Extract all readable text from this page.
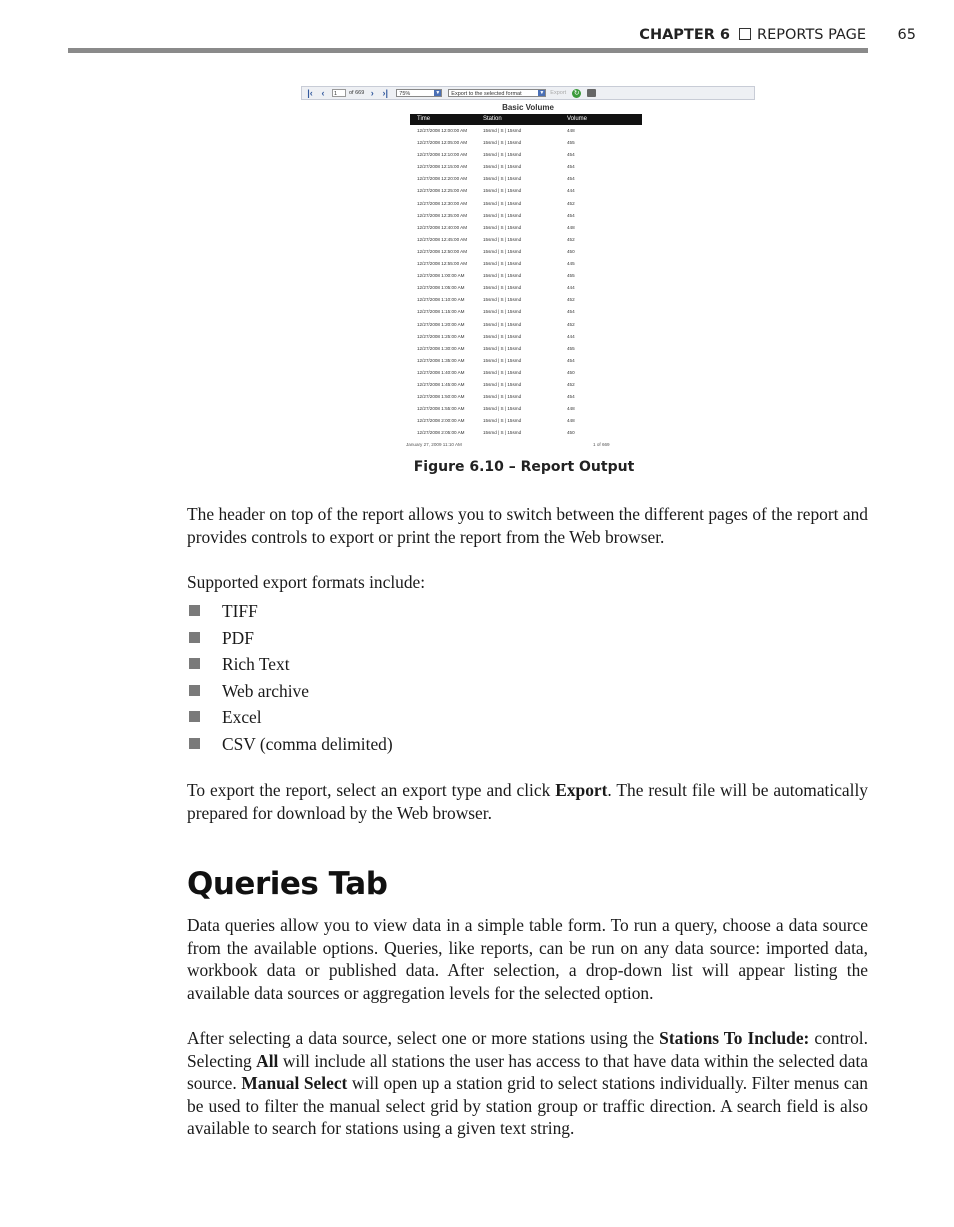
CHAPTER 6 REPORTS PAGE 65
|‹ ‹	1	of 669 › ›|	75%	▼	Export to the selected format	▼ Export ↻
Basic Volume
Time	Station	Volume
12/27/2008 12:00:00 AM	15smd | S | 15smd	448
12/27/2008 12:05:00 AM	15smd | S | 15smd	455
12/27/2008 12:10:00 AM	15smd | S | 15smd	454
12/27/2008 12:15:00 AM	15smd | S | 15smd	454
12/27/2008 12:20:00 AM	15smd | S | 15smd	454
12/27/2008 12:25:00 AM	15smd | S | 15smd	444
12/27/2008 12:30:00 AM	15smd | S | 15smd	452
12/27/2008 12:35:00 AM	15smd | S | 15smd	454
12/27/2008 12:40:00 AM	15smd | S | 15smd	448
12/27/2008 12:45:00 AM	15smd | S | 15smd	452
12/27/2008 12:50:00 AM	15smd | S | 15smd	450
12/27/2008 12:55:00 AM	15smd | S | 15smd	445
12/27/2008 1:00:00 AM	15smd | S | 15smd	455
12/27/2008 1:05:00 AM	15smd | S | 15smd	444
12/27/2008 1:10:00 AM	15smd | S | 15smd	452
12/27/2008 1:15:00 AM	15smd | S | 15smd	454
12/27/2008 1:20:00 AM	15smd | S | 15smd	452
12/27/2008 1:25:00 AM	15smd | S | 15smd	444
12/27/2008 1:30:00 AM	15smd | S | 15smd	455
12/27/2008 1:35:00 AM	15smd | S | 15smd	454
12/27/2008 1:40:00 AM	15smd | S | 15smd	450
12/27/2008 1:45:00 AM	15smd | S | 15smd	452
12/27/2008 1:50:00 AM	15smd | S | 15smd	454
12/27/2008 1:55:00 AM	15smd | S | 15smd	448
12/27/2008 2:00:00 AM	15smd | S | 15smd	448
12/27/2008 2:05:00 AM	15smd | S | 15smd	450
January 27, 2009 11:10 AM	1 of 669
Figure 6.10 – Report Output

The header on top of the report allows you to switch between the different pages of the report and provides controls to export or print the report from the Web browser.

Supported export formats include:

TIFF
PDF
Rich Text
Web archive
Excel
CSV (comma delimited)

To export the report, select an export type and click Export. The result file will be automatically prepared for download by the Web browser.

Queries Tab

Data queries allow you to view data in a simple table form. To run a query, choose a data source from the available options. Queries, like reports, can be run on any data source: imported data, workbook data or published data. After selection, a drop-down list will appear listing the available data sources or aggregation levels for the selected option.

After selecting a data source, select one or more stations using the Stations To Include: control. Selecting All will include all stations the user has access to that have data within the selected data source. Manual Select will open up a station grid to select stations individually. Filter menus can be used to filter the manual select grid by station group or traffic direction. A search field is also available to search for stations using a given text string.
